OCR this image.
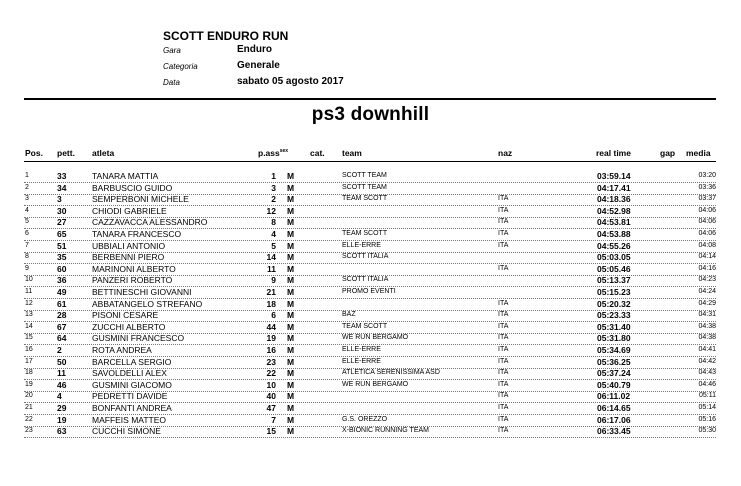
SCOTT ENDURO RUN
Gara	Enduro
Categoria	Generale
Data	sabato 05 agosto 2017
ps3 downhill
Pos. pett. atleta	p.ass$^{sex}$	cat. team	naz	real time	gap media
1	33	TANARA MATTIA	1 M	SCOTT TEAM	03:59.14	03:20
2	34	BARBUSCIO GUIDO	3 M	SCOTT TEAM	04:17.41	03:36
3	3	SEMPERBONI MICHELE	2 M	TEAM SCOTT	ITA	04:18.36	03:37
4	30	CHIODI GABRIELE	12 M	ITA	04:52.98	04:06
5	27	CAZZAVACCA ALESSANDRO	8 M	ITA	04:53.81	04:06
6	65	TANARA FRANCESCO	4 M	TEAM SCOTT	ITA	04:53.88	04:06
7	51	UBBIALI ANTONIO	5 M	ELLE-ERRE	ITA	04:55.26	04:08
8	35	BERBENNI PIERO	14 M	SCOTT ITALIA	05:03.05	04:14
9	60	MARINONI ALBERTO	11 M	ITA	05:05.46	04:16
10	36	PANZERI ROBERTO	9 M	SCOTT ITALIA	05:13.37	04:23
11	49	BETTINESCHI GIOVANNI	21 M	PROMO EVENTI	05:15.23	04:24
12	61	ABBATANGELO STREFANO	18 M	ITA	05:20.32	04:29
13	28	PISONI CESARE	6 M	BAZ	ITA	05:23.33	04:31
14	67	ZUCCHI ALBERTO	44 M	TEAM SCOTT	ITA	05:31.40	04:38
15	64	GUSMINI FRANCESCO	19 M	WE RUN BERGAMO	ITA	05:31.80	04:38
16	2	ROTA ANDREA	16 M	ELLE-ERRE	ITA	05:34.69	04:41
17	50	BARCELLA SERGIO	23 M	ELLE-ERRE	ITA	05:36.25	04:42
18	11	SAVOLDELLI ALEX	22 M	ATLETICA SERENISSIMA ASD	ITA	05:37.24	04:43
19	46	GUSMINI GIACOMO	10 M	WE RUN BERGAMO	ITA	05:40.79	04:46
20	4	PEDRETTI DAVIDE	40 M	ITA	06:11.02	05:11
21	29	BONFANTI ANDREA	47 M	ITA	06:14.65	05:14
22	19	MAFFEIS MATTEO	7 M	G.S. OREZZO	ITA	06:17.06	05:16
23	63	CUCCHI SIMONE	15 M	X-BIONIC RUNNING TEAM	ITA	06:33.45	05:30
